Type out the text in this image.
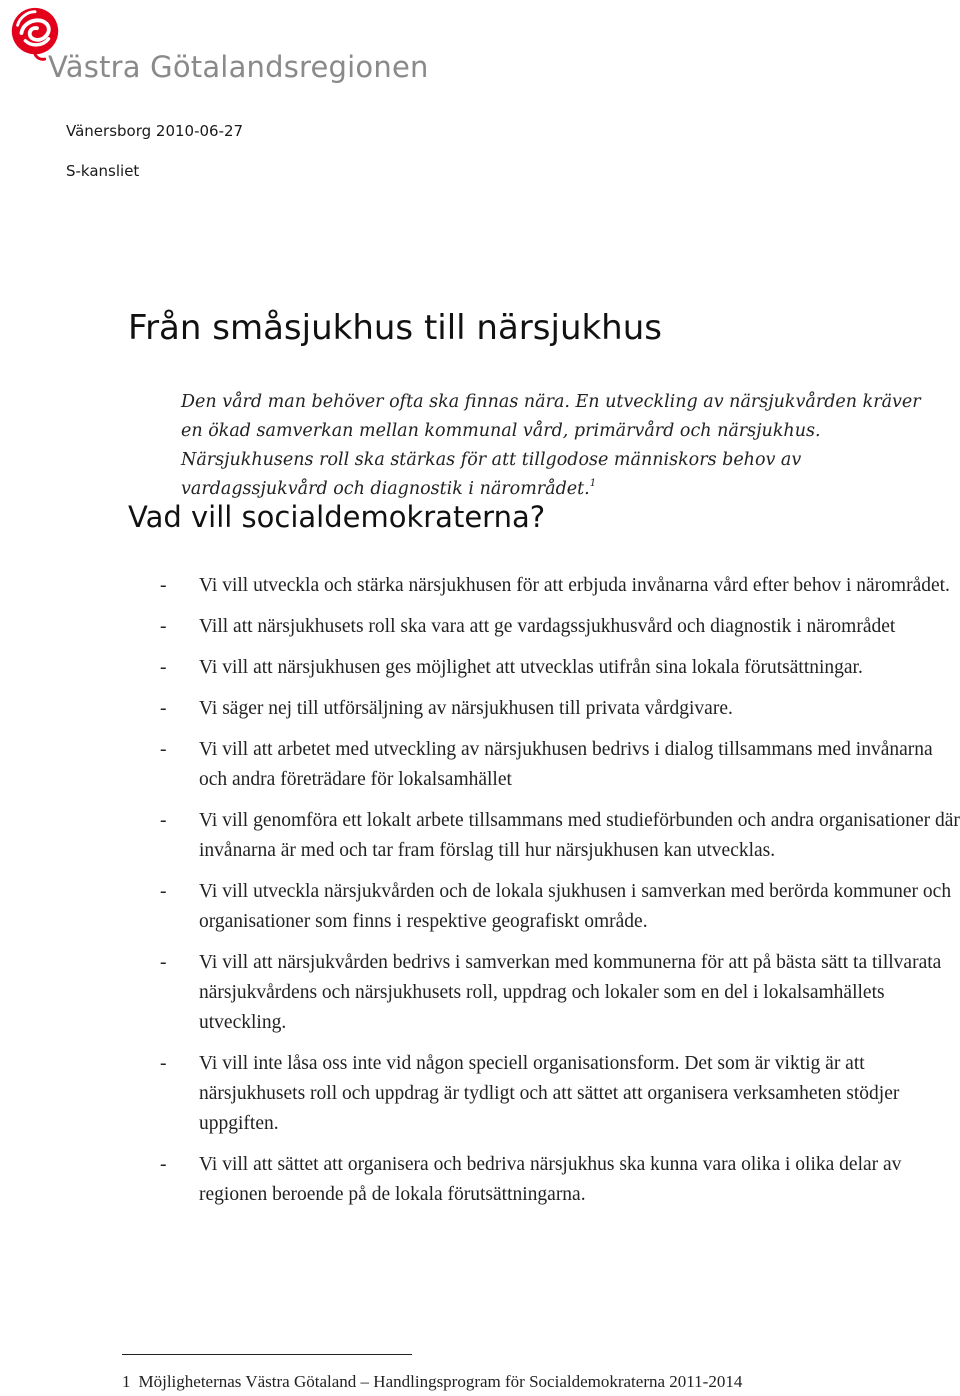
Västra Götalandsregionen
Vänersborg 2010-06-27
S-kansliet
Från småsjukhus till närsjukhus

Den vård man behöver ofta ska finnas nära. En utveckling av närsjukvården kräver en ökad samverkan mellan kommunal vård, primärvård och närsjukhus. Närsjukhusens roll ska stärkas för att tillgodose människors behov av vardagssjukvård och diagnostik i närområdet.$^1$

Vad vill socialdemokraterna?
- Vi vill utveckla och stärka närsjukhusen för att erbjuda invånarna vård efter behov i närområdet.
- Vill att närsjukhusets roll ska vara att ge vardagssjukhusvård och diagnostik i närområdet
- Vi vill att närsjukhusen ges möjlighet att utvecklas utifrån sina lokala förutsättningar.
- Vi säger nej till utförsäljning av närsjukhusen till privata vårdgivare.
- Vi vill att arbetet med utveckling av närsjukhusen bedrivs i dialog tillsammans med invånarna och andra företrädare för lokalsamhället
- Vi vill genomföra ett lokalt arbete tillsammans med studieförbunden och andra organisationer där invånarna är med och tar fram förslag till hur närsjukhusen kan utvecklas.
- Vi vill utveckla närsjukvården och de lokala sjukhusen i samverkan med berörda kommuner och organisationer som finns i respektive geografiskt område.
- Vi vill att närsjukvården bedrivs i samverkan med kommunerna för att på bästa sätt ta tillvarata närsjukvårdens och närsjukhusets roll, uppdrag och lokaler som en del i lokalsamhällets utveckling.
- Vi vill inte låsa oss inte vid någon speciell organisationsform. Det som är viktig är att närsjukhusets roll och uppdrag är tydligt och att sättet att organisera verksamheten stödjer uppgiften.
- Vi vill att sättet att organisera och bedriva närsjukhus ska kunna vara olika i olika delar av regionen beroende på de lokala förutsättningarna.
1 Möjligheternas Västra Götaland – Handlingsprogram för Socialdemokraterna 2011-2014
